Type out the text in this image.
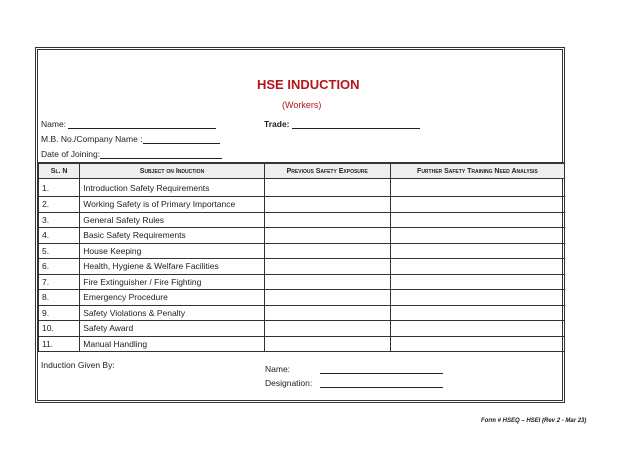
HSE INDUCTION
(Workers)
Name:	Trade:
M.B. No./Company Name :
Date of Joining:
Sl. N	Subject on Induction	Previous Safety Exposure	Further Safety Training Need Analysis
1.	Introduction Safety Requirements		
2.	Working Safety is of Primary Importance		
3.	General Safety Rules		
4.	Basic Safety Requirements		
5.	House Keeping		
6.	Health, Hygiene & Welfare Facilities		
7.	Fire Extinguisher / Fire Fighting		
8.	Emergency Procedure		
9.	Safety Violations & Penalty		
10.	Safety Award		
11.	Manual Handling		
Induction Given By:	Name:
Designation:
Form # HSEQ – HSEI (Rev 2 - Mar 23)
